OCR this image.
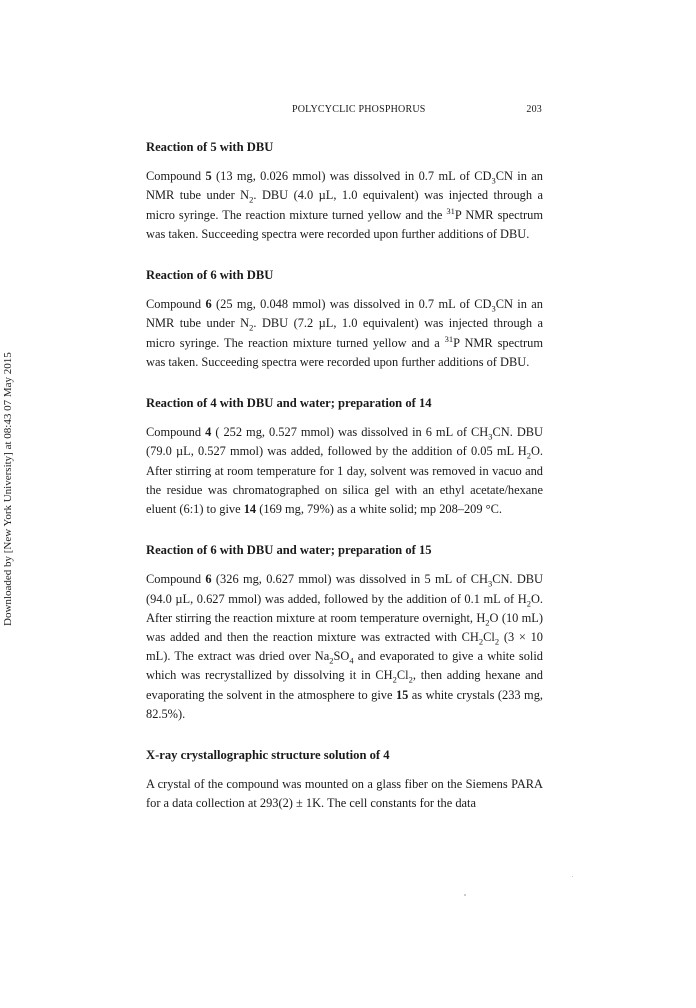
POLYCYCLIC PHOSPHORUS	203
Downloaded by [New York University] at 08:43 07 May 2015
Reaction of 5 with DBU

Compound 5 (13 mg, 0.026 mmol) was dissolved in 0.7 mL of $CD_3CN$ in an NMR tube under $N_2$. DBU (4.0 µL, 1.0 equivalent) was injected through a micro syringe. The reaction mixture turned yellow and the $^{31}$P NMR spectrum was taken. Succeeding spectra were recorded upon further additions of DBU.

Reaction of 6 with DBU

Compound 6 (25 mg, 0.048 mmol) was dissolved in 0.7 mL of $CD_3CN$ in an NMR tube under $N_2$. DBU (7.2 µL, 1.0 equivalent) was injected through a micro syringe. The reaction mixture turned yellow and a $^{31}$P NMR spectrum was taken. Succeeding spectra were recorded upon further additions of DBU.

Reaction of 4 with DBU and water; preparation of 14

Compound 4 ( 252 mg, 0.527 mmol) was dissolved in 6 mL of $CH_3CN$. DBU (79.0 µL, 0.527 mmol) was added, followed by the addition of 0.05 mL $H_2O$. After stirring at room temperature for 1 day, solvent was removed in vacuo and the residue was chromatographed on silica gel with an ethyl acetate/hexane eluent (6:1) to give 14 (169 mg, 79%) as a white solid; mp 208–209 °C.

Reaction of 6 with DBU and water; preparation of 15

Compound 6 (326 mg, 0.627 mmol) was dissolved in 5 mL of $CH_3CN$. DBU (94.0 µL, 0.627 mmol) was added, followed by the addition of 0.1 mL of $H_2O$. After stirring the reaction mixture at room temperature overnight, $H_2O$ (10 mL) was added and then the reaction mixture was extracted with $CH_2Cl_2$ (3 × 10 mL). The extract was dried over $Na_2SO_4$ and evaporated to give a white solid which was recrystallized by dissolving it in $CH_2Cl_2$, then adding hexane and evaporating the solvent in the atmosphere to give 15 as white crystals (233 mg, 82.5%).

X-ray crystallographic structure solution of 4

A crystal of the compound was mounted on a glass fiber on the Siemens PARA for a data collection at 293(2) ± 1K. The cell constants for the data
